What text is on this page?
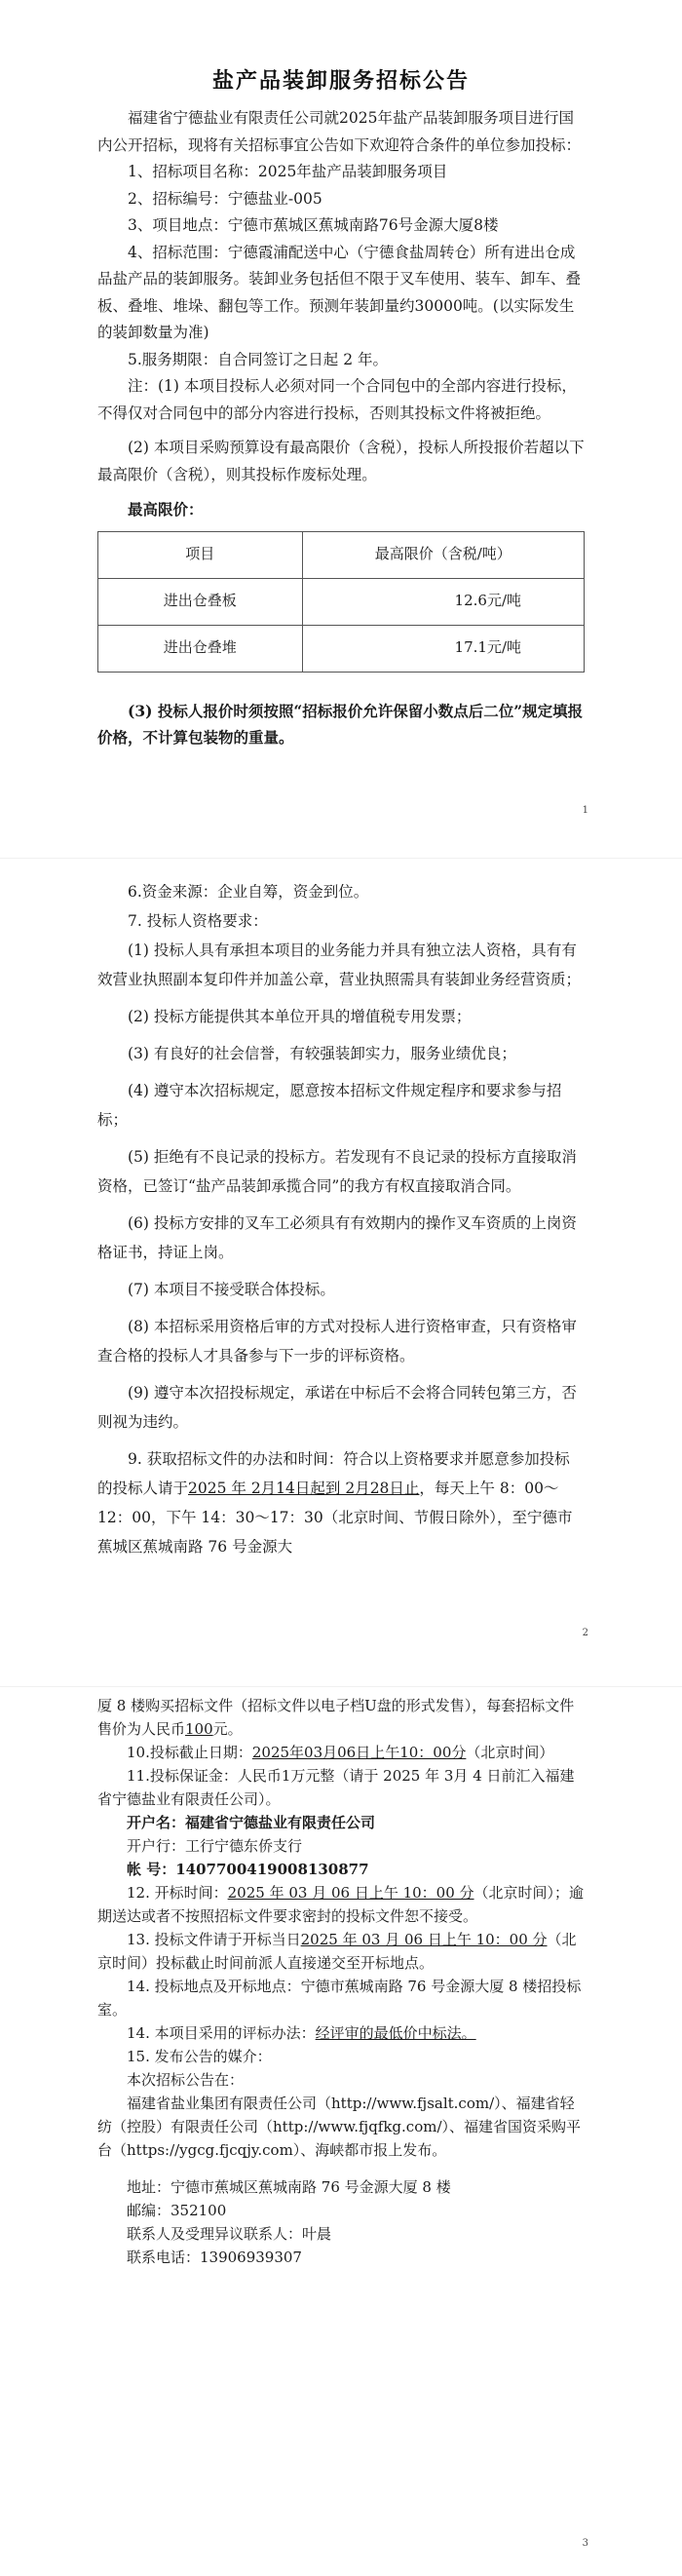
盐产品装卸服务招标公告

福建省宁德盐业有限责任公司就2025年盐产品装卸服务项目进行国内公开招标，现将有关招标事宜公告如下欢迎符合条件的单位参加投标：

1、招标项目名称：2025年盐产品装卸服务项目

2、招标编号：宁德盐业-005

3、项目地点：宁德市蕉城区蕉城南路76号金源大厦8楼

4、招标范围：宁德霞浦配送中心（宁德食盐周转仓）所有进出仓成品盐产品的装卸服务。装卸业务包括但不限于叉车使用、装车、卸车、叠板、叠堆、堆垛、翻包等工作。预测年装卸量约30000吨。(以实际发生的装卸数量为准)

5.服务期限：自合同签订之日起 2 年。

注：(1) 本项目投标人必须对同一个合同包中的全部内容进行投标，不得仅对合同包中的部分内容进行投标，否则其投标文件将被拒绝。

(2) 本项目采购预算设有最高限价（含税），投标人所投报价若超以下最高限价（含税），则其投标作废标处理。

最高限价：

项目	最高限价（含税/吨）
进出仓叠板	12.6元/吨
进出仓叠堆	17.1元/吨

(3) 投标人报价时须按照“招标报价允许保留小数点后二位”规定填报价格，不计算包装物的重量。

1

6.资金来源：企业自筹，资金到位。

7. 投标人资格要求：

(1) 投标人具有承担本项目的业务能力并具有独立法人资格，具有有效营业执照副本复印件并加盖公章，营业执照需具有装卸业务经营资质；

(2) 投标方能提供其本单位开具的增值税专用发票；

(3) 有良好的社会信誉，有较强装卸实力，服务业绩优良；

(4) 遵守本次招标规定，愿意按本招标文件规定程序和要求参与招标；

(5) 拒绝有不良记录的投标方。若发现有不良记录的投标方直接取消资格，已签订“盐产品装卸承揽合同”的我方有权直接取消合同。

(6) 投标方安排的叉车工必须具有有效期内的操作叉车资质的上岗资格证书，持证上岗。

(7) 本项目不接受联合体投标。

(8) 本招标采用资格后审的方式对投标人进行资格审查，只有资格审查合格的投标人才具备参与下一步的评标资格。

(9) 遵守本次招投标规定，承诺在中标后不会将合同转包第三方，否则视为违约。

9. 获取招标文件的办法和时间：符合以上资格要求并愿意参加投标的投标人请于2025 年 2月14日起到 2月28日止，每天上午 8：00～12：00，下午 14：30～17：30（北京时间、节假日除外），至宁德市蕉城区蕉城南路 76 号金源大

2

厦 8 楼购买招标文件（招标文件以电子档U盘的形式发售），每套招标文件售价为人民币100元。

10.投标截止日期：2025年03月06日上午10：00分（北京时间）

11.投标保证金：人民币1万元整（请于 2025 年 3月 4 日前汇入福建省宁德盐业有限责任公司）。

开户名：福建省宁德盐业有限责任公司

开户行：工行宁德东侨支行

帐 号：1407700419008130877

12. 开标时间：2025 年 03 月 06 日上午 10：00 分（北京时间）；逾期送达或者不按照招标文件要求密封的投标文件恕不接受。

13. 投标文件请于开标当日2025 年 03 月 06 日上午 10：00 分（北京时间）投标截止时间前派人直接递交至开标地点。

14. 投标地点及开标地点：宁德市蕉城南路 76 号金源大厦 8 楼招投标室。

14. 本项目采用的评标办法：经评审的最低价中标法。

15. 发布公告的媒介：

本次招标公告在：

福建省盐业集团有限责任公司（http://www.fjsalt.com/）、福建省轻纺（控股）有限责任公司（http://www.fjqfkg.com/）、福建省国资采购平台（https://ygcg.fjcqjy.com）、海峡都市报上发布。

地址：宁德市蕉城区蕉城南路 76 号金源大厦 8 楼

邮编：352100

联系人及受理异议联系人：叶晨

联系电话：13906939307

3
